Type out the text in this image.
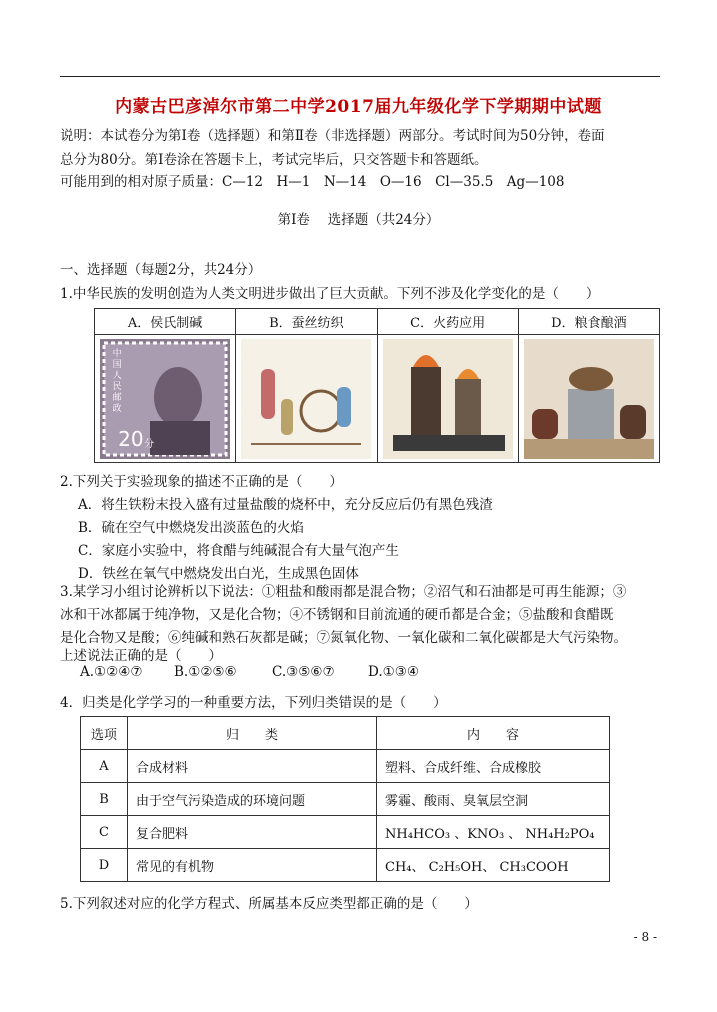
内蒙古巴彦淖尔市第二中学2017届九年级化学下学期期中试题
说明：本试卷分为第Ⅰ卷（选择题）和第Ⅱ卷（非选择题）两部分。考试时间为50分钟，卷面
总分为80分。第Ⅰ卷涂在答题卡上，考试完毕后，只交答题卡和答题纸。
可能用到的相对原子质量：C—12　H—1　N—14　O—16　Cl—35.5　Ag—108
第Ⅰ卷　 选择题（共24分）
一、选择题（每题2分，共24分）
1.中华民族的发明创造为人类文明进步做出了巨大贡献。下列不涉及化学变化的是（　　）
A．侯氏制碱	B．蚕丝纺织	C．火药应用	D．粮食酿酒

中国人民邮政
20 分

2.下列关于实验现象的描述不正确的是（　　）
A．将生铁粉末投入盛有过量盐酸的烧杯中，充分反应后仍有黑色残渣
B．硫在空气中燃烧发出淡蓝色的火焰
C．家庭小实验中，将食醋与纯碱混合有大量气泡产生
D．铁丝在氧气中燃烧发出白光，生成黑色固体
3.某学习小组讨论辨析以下说法：①粗盐和酸雨都是混合物；②沼气和石油都是可再生能源；③
冰和干冰都属于纯净物，又是化合物；④不锈钢和目前流通的硬币都是合金；⑤盐酸和食醋既
是化合物又是酸；⑥纯碱和熟石灰都是碱；⑦氮氧化物、一氧化碳和二氧化碳都是大气污染物。
上述说法正确的是（　　）
A.①②④⑦ B.①②⑤⑥	C.③⑤⑥⑦ D.①③④
4．归类是化学学习的一种重要方法，下列归类错误的是（　　）
选项	归　　类	内　　容
A	合成材料	塑料、合成纤维、合成橡胶
B	由于空气污染造成的环境问题	雾霾、酸雨、臭氧层空洞
C	复合肥料	NH₄HCO₃ 、KNO₃ 、 NH₄H₂PO₄
D	常见的有机物	CH₄、 C₂H₅OH、 CH₃COOH
5.下列叙述对应的化学方程式、所属基本反应类型都正确的是（　　）
- 8 -
